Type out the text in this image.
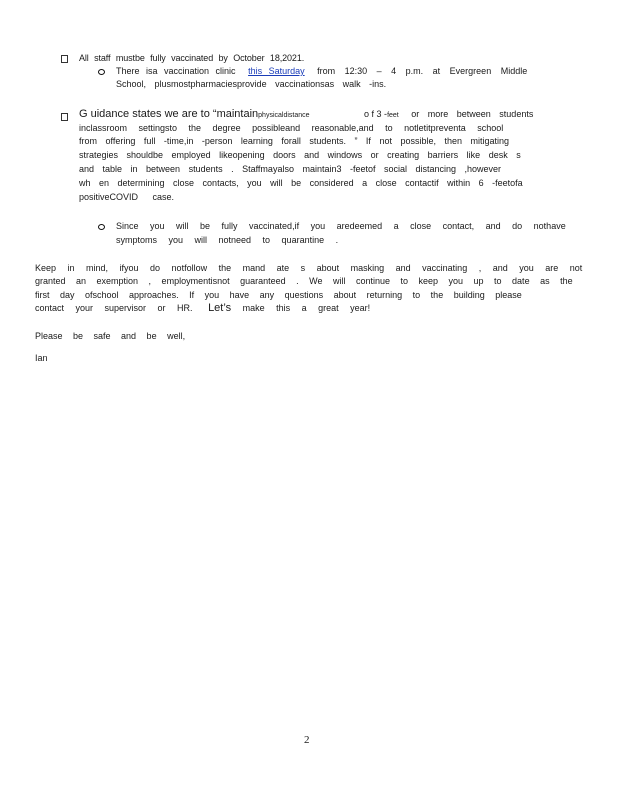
All staff mustbe fully vaccinated by October 18,2021.
There isa vaccination clinic this Saturday from 12:30 – 4 p.m. at Evergreen Middle
School, plusmostpharmaciesprovide vaccinationsas walk -ins.
G uidance states we are to “maintainphysicaldistance	o f 3 -feet or more between students
inclassroom settingsto the degree possibleand reasonable,and to notletitpreventa school
from offering full -time,in -person learning forall students. ” If not possible, then mitigating
strategies shouldbe employed likeopening doors and windows or creating barriers like desk s
and table in between students . Staffmayalso maintain3 -feetof social distancing ,however
wh en determining close contacts, you will be considered a close contactif within 6 -feetofa
positiveCOVID case.
Since you will be fully vaccinated,if you aredeemed a close contact, and do nothave
symptoms you will notneed to quarantine .
Keep in mind, ifyou do notfollow the mand ate s about masking and vaccinating , and you are not
granted an exemption , employmentisnot guaranteed . We will continue to keep you up to date as the
first day ofschool approaches. If you have any questions about returning to the building please
contact your supervisor or HR. Let’s make this a great year!
Please be safe and be well,
Ian
2
